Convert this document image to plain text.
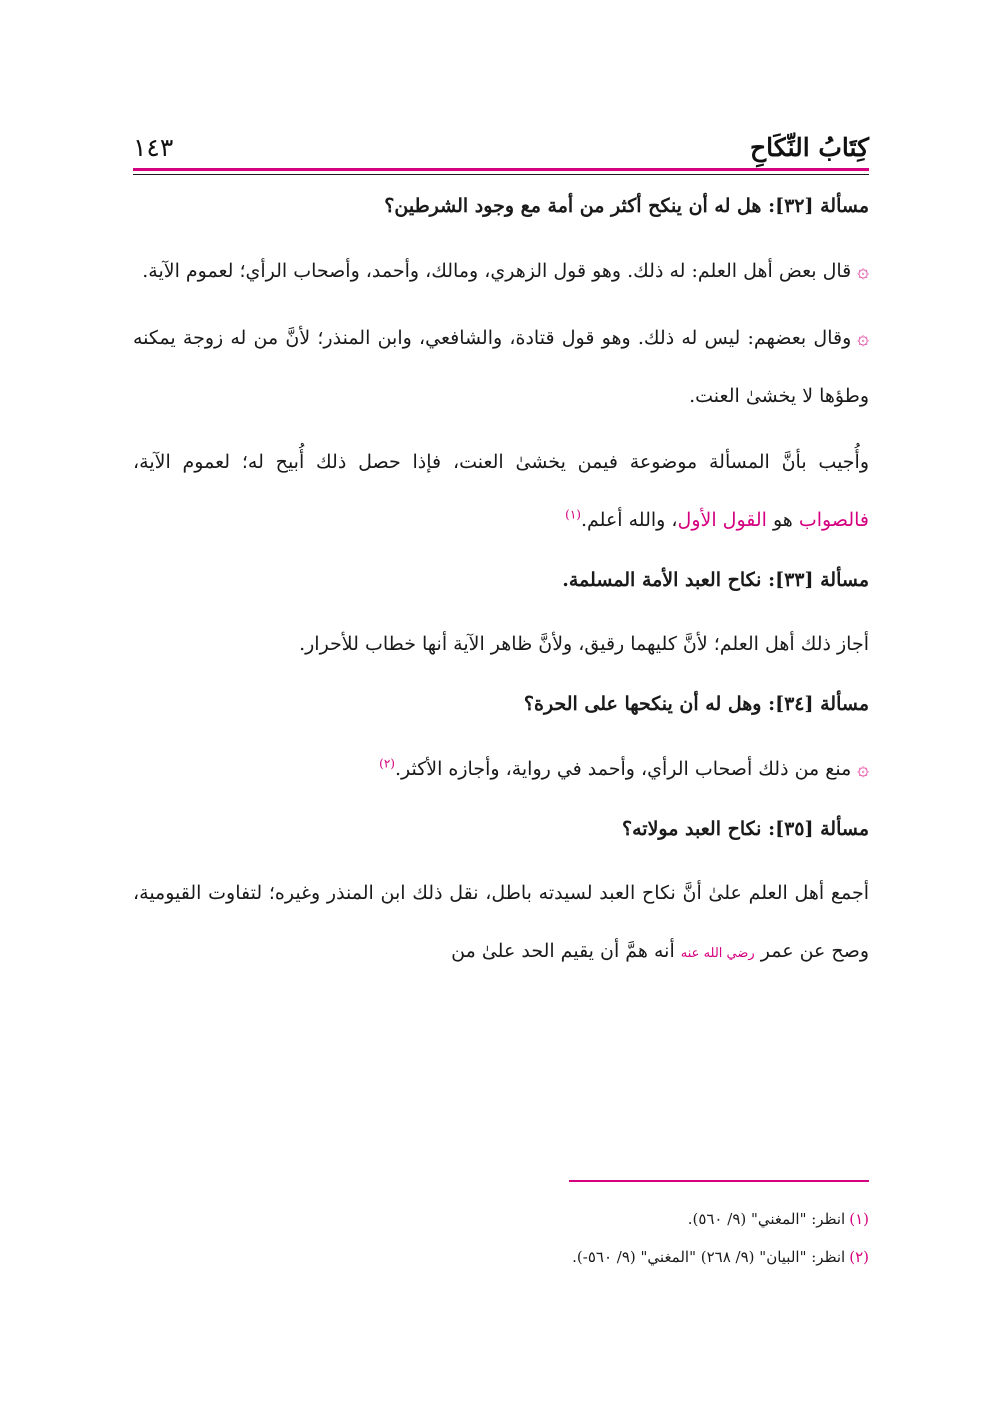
كِتَابُ النِّكَاحِ
١٤٣
مسألة [٣٢]: هل له أن ينكح أكثر من أمة مع وجود الشرطين؟

۞قال بعض أهل العلم: له ذلك. وهو قول الزهري، ومالك، وأحمد، وأصحاب الرأي؛ لعموم الآية.

۞وقال بعضهم: ليس له ذلك. وهو قول قتادة، والشافعي، وابن المنذر؛ لأنَّ من له زوجة يمكنه وطؤها لا يخشىٰ العنت.

وأُجيب بأنَّ المسألة موضوعة فيمن يخشىٰ العنت، فإذا حصل ذلك أُبيح له؛ لعموم الآية، فالصواب هو القول الأول، والله أعلم.$^{(١)}$

مسألة [٣٣]: نكاح العبد الأمة المسلمة.

أجاز ذلك أهل العلم؛ لأنَّ كليهما رقيق، ولأنَّ ظاهر الآية أنها خطاب للأحرار.

مسألة [٣٤]: وهل له أن ينكحها على الحرة؟

۞منع من ذلك أصحاب الرأي، وأحمد في رواية، وأجازه الأكثر.$^{(٢)}$

مسألة [٣٥]: نكاح العبد مولاته؟

أجمع أهل العلم علىٰ أنَّ نكاح العبد لسيدته باطل، نقل ذلك ابن المنذر وغيره؛ لتفاوت القيومية، وصح عن عمر رضي الله عنه أنه همَّ أن يقيم الحد علىٰ من

(١)انظر: "المغني" (٩/ ٥٦٠).
(٢)انظر: "البيان" (٩/ ٢٦٨) "المغني" (٩/ ٥٦٠-).
